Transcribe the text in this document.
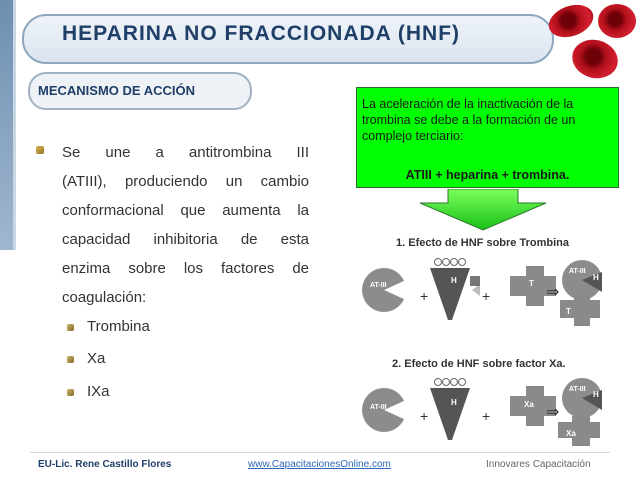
HEPARINA NO FRACCIONADA (HNF)
MECANISMO DE ACCIÓN
Se une a antitrombina III
(ATIII), produciendo un cambio
conformacional que aumenta la
capacidad inhibitoria de esta
enzima sobre los factores de
coagulación:
Trombina
Xa
IXa
La aceleración de la inactivación de la trombina se debe a la formación de un complejo terciario:
ATIII + heparina + trombina.
1. Efecto de HNF sobre Trombina
AT-III
H
+	+
T
⇒
AT-III
H
T
2. Efecto de HNF sobre factor Xa.
AT-III
H
+	+
Xa ⇒
AT-III
H
Xa
EU-Lic. Rene Castillo Flores	www.CapacitacionesOnline.com	Innovares Capacitación
